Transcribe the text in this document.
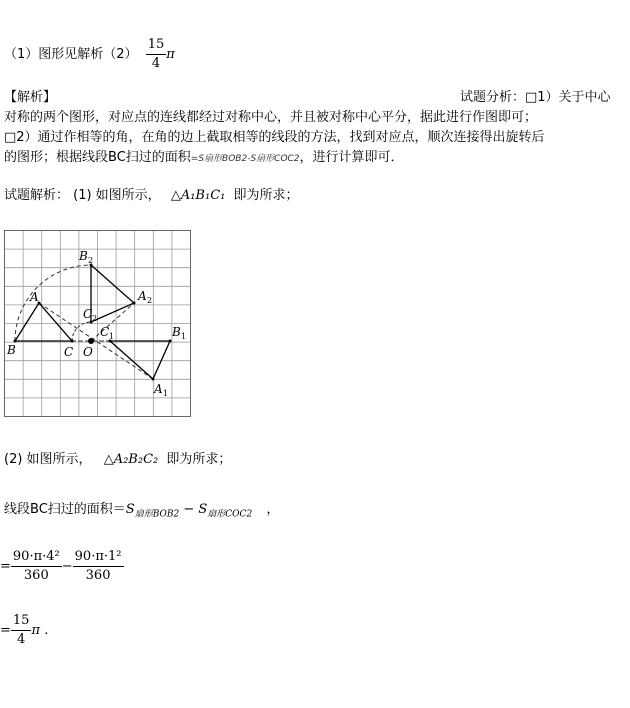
（1）图形见解析$(2) \frac{15}{4}$ π
【解析】	试题分析：□1）关于中心
对称的两个图形，对应点的连线都经过对称中心，并且被对称中心平分，据此进行作图即可；
□2）通过作相等的角，在角的边上截取相等的线段的方法，找到对应点，顺次连接得出旋转后
的图形；根据线段BC扫过的面积=S扇形BOB2-S扇形COC2，进行计算即可．
试题解析： (1) 如图所示， △A₁B₁C₁ 即为所求；
B	C O
A
B 2
A 2
C 2
C 1	B 1
A 1
(2) 如图所示， △A₂B₂C₂ 即为所求；
线段BC扫过的面积$=S_{扇形BOB2} - S_{扇形COC2}$ ，
= $\frac{\text{90·π·4²}}{360} - \frac{\text{90·π·1²}}{360}$
= $\frac{15}{4}$ π ．
